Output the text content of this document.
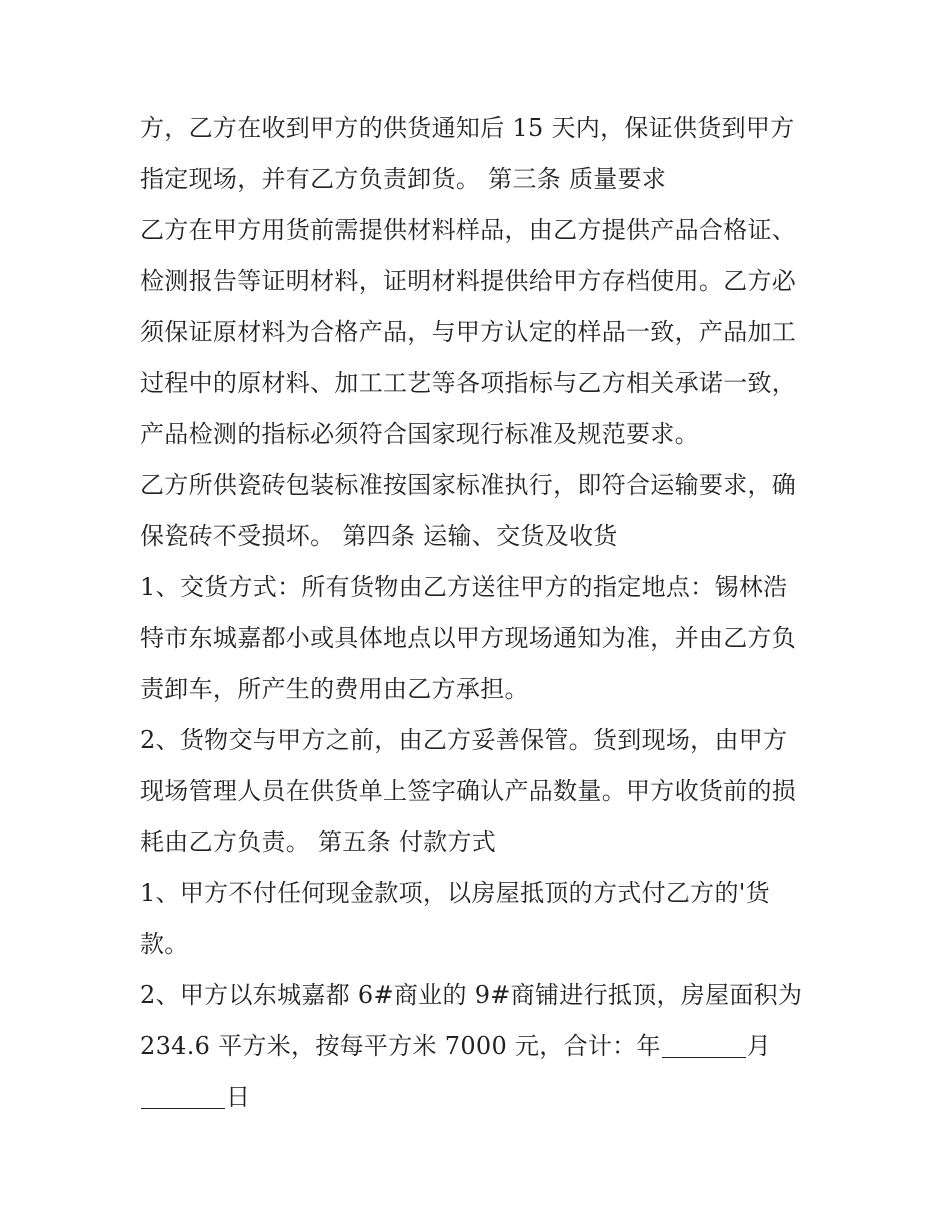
方，乙方在收到甲方的供货通知后 15 天内，保证供货到甲方
指定现场，并有乙方负责卸货。 第三条 质量要求
乙方在甲方用货前需提供材料样品，由乙方提供产品合格证、
检测报告等证明材料，证明材料提供给甲方存档使用。乙方必
须保证原材料为合格产品，与甲方认定的样品一致，产品加工
过程中的原材料、加工工艺等各项指标与乙方相关承诺一致，
产品检测的指标必须符合国家现行标准及规范要求。
乙方所供瓷砖包装标准按国家标准执行，即符合运输要求，确
保瓷砖不受损坏。 第四条 运输、交货及收货
1、交货方式：所有货物由乙方送往甲方的指定地点：锡林浩
特市东城嘉都小或具体地点以甲方现场通知为准，并由乙方负
责卸车，所产生的费用由乙方承担。
2、货物交与甲方之前，由乙方妥善保管。货到现场，由甲方
现场管理人员在供货单上签字确认产品数量。甲方收货前的损
耗由乙方负责。 第五条 付款方式
1、甲方不付任何现金款项，以房屋抵顶的方式付乙方的'货
款。
2、甲方以东城嘉都 6#商业的 9#商铺进行抵顶，房屋面积为
234.6 平方米，按每平方米 7000 元，合计：年	月
日
